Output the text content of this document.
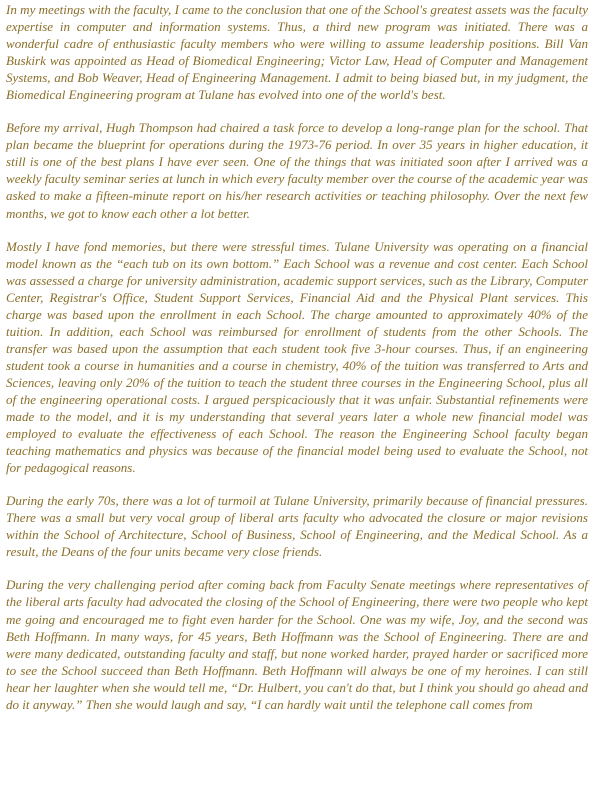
In my meetings with the faculty, I came to the conclusion that one of the School's greatest assets was the faculty expertise in computer and information systems. Thus, a third new program was initiated. There was a wonderful cadre of enthusiastic faculty members who were willing to assume leadership positions. Bill Van Buskirk was appointed as Head of Biomedical Engineering; Victor Law, Head of Computer and Management Systems, and Bob Weaver, Head of Engineering Management. I admit to being biased but, in my judgment, the Biomedical Engineering program at Tulane has evolved into one of the world's best.

Before my arrival, Hugh Thompson had chaired a task force to develop a long-range plan for the school. That plan became the blueprint for operations during the 1973-76 period. In over 35 years in higher education, it still is one of the best plans I have ever seen. One of the things that was initiated soon after I arrived was a weekly faculty seminar series at lunch in which every faculty member over the course of the academic year was asked to make a fifteen-minute report on his/her research activities or teaching philosophy. Over the next few months, we got to know each other a lot better.

Mostly I have fond memories, but there were stressful times. Tulane University was operating on a financial model known as the “each tub on its own bottom.” Each School was a revenue and cost center. Each School was assessed a charge for university administration, academic support services, such as the Library, Computer Center, Registrar's Office, Student Support Services, Financial Aid and the Physical Plant services. This charge was based upon the enrollment in each School. The charge amounted to approximately 40% of the tuition. In addition, each School was reimbursed for enrollment of students from the other Schools. The transfer was based upon the assumption that each student took five 3-hour courses. Thus, if an engineering student took a course in humanities and a course in chemistry, 40% of the tuition was transferred to Arts and Sciences, leaving only 20% of the tuition to teach the student three courses in the Engineering School, plus all of the engineering operational costs. I argued perspicaciously that it was unfair. Substantial refinements were made to the model, and it is my understanding that several years later a whole new financial model was employed to evaluate the effectiveness of each School. The reason the Engineering School faculty began teaching mathematics and physics was because of the financial model being used to evaluate the School, not for pedagogical reasons.

During the early 70s, there was a lot of turmoil at Tulane University, primarily because of financial pressures. There was a small but very vocal group of liberal arts faculty who advocated the closure or major revisions within the School of Architecture, School of Business, School of Engineering, and the Medical School. As a result, the Deans of the four units became very close friends.

During the very challenging period after coming back from Faculty Senate meetings where representatives of the liberal arts faculty had advocated the closing of the School of Engineering, there were two people who kept me going and encouraged me to fight even harder for the School. One was my wife, Joy, and the second was Beth Hoffmann. In many ways, for 45 years, Beth Hoffmann was the School of Engineering. There are and were many dedicated, outstanding faculty and staff, but none worked harder, prayed harder or sacrificed more to see the School succeed than Beth Hoffmann. Beth Hoffmann will always be one of my heroines. I can still hear her laughter when she would tell me, “Dr. Hulbert, you can't do that, but I think you should go ahead and do it anyway.” Then she would laugh and say, “I can hardly wait until the telephone call comes from
